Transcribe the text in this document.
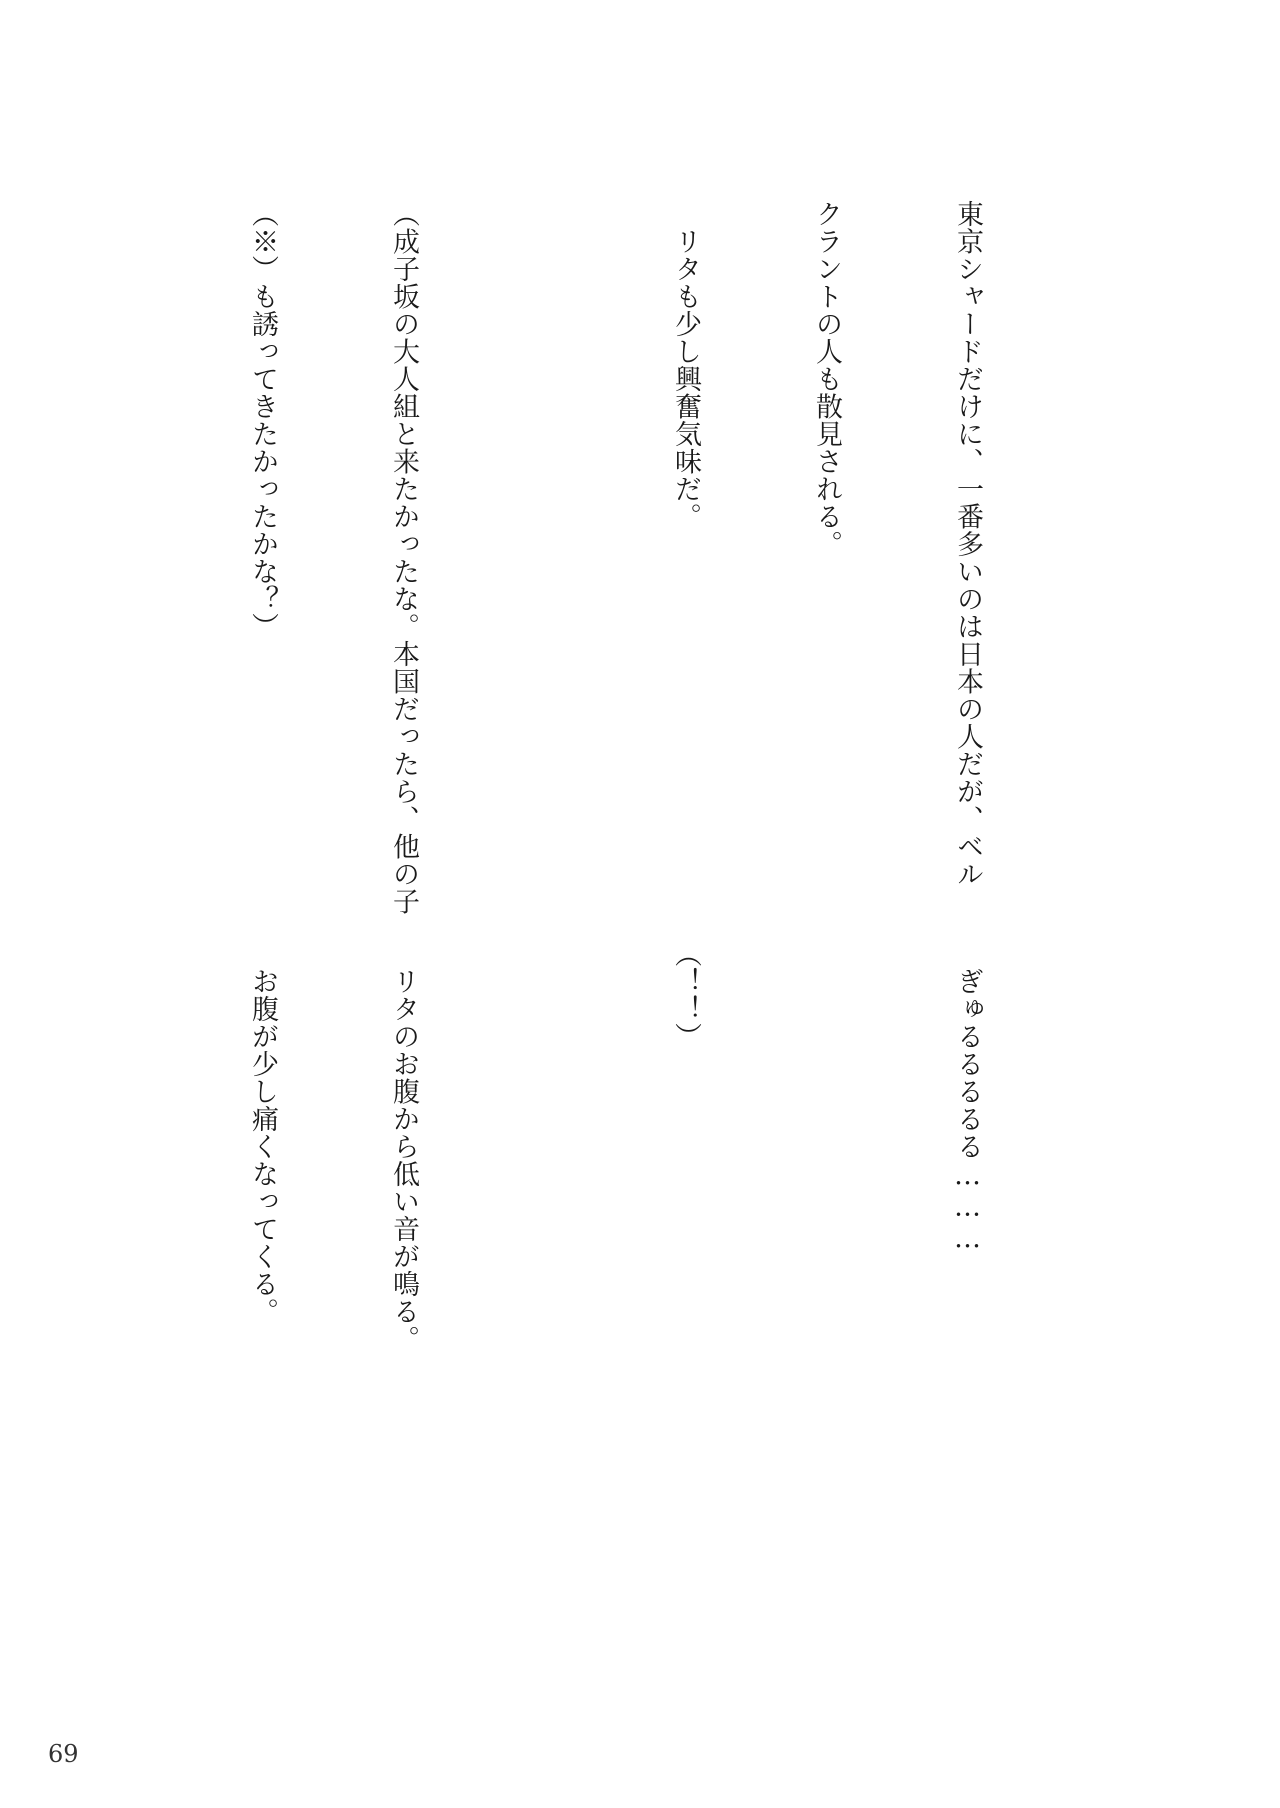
東京シャードだけに、一番多いのは日本の人だが、ベル

クラントの人も散見される。

　リタも少し興奮気味だ。

（成子坂の大人組と来たかったな。本国だったら、他の子

（※）も誘ってきたかったかな？）

　ぎゅるるるるる………

（！！）

　リタのお腹から低い音が鳴る。

　お腹が少し痛くなってくる。

69
